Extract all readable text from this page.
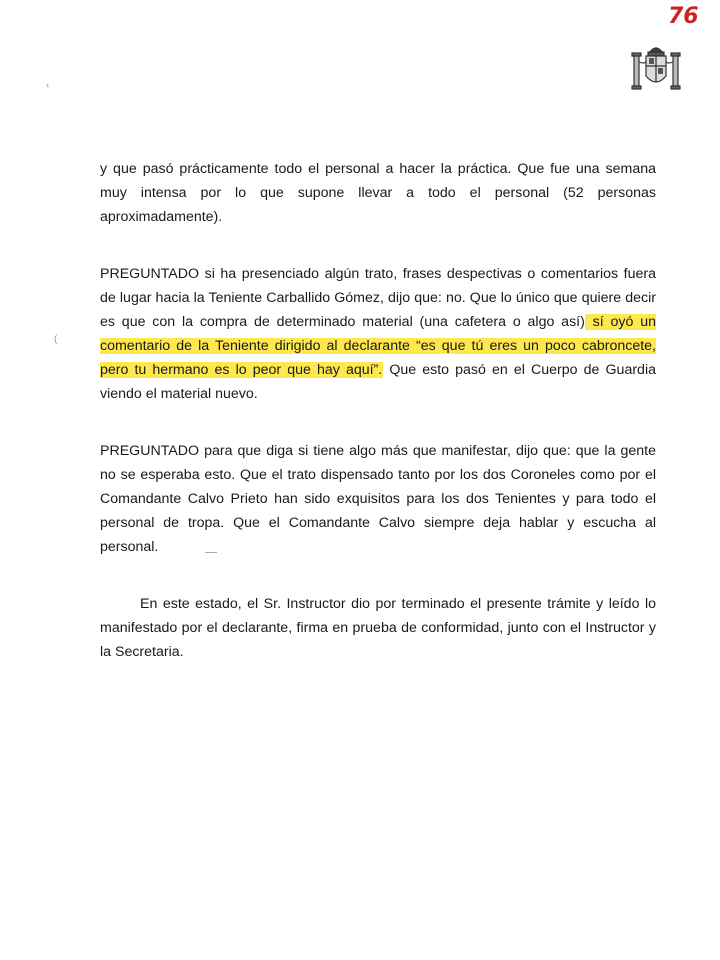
76
‹
(

y que pasó prácticamente todo el personal a hacer la práctica. Que fue una semana muy intensa por lo que supone llevar a todo el personal (52 personas aproximadamente).

PREGUNTADO si ha presenciado algún trato, frases despectivas o comentarios fuera de lugar hacia la Teniente Carballido Gómez, dijo que: no. Que lo único que quiere decir es que con la compra de determinado material (una cafetera o algo así) sí oyó un comentario de la Teniente dirigido al declarante “es que tú eres un poco cabroncete, pero tu hermano es lo peor que hay aquí”. Que esto pasó en el Cuerpo de Guardia viendo el material nuevo.

PREGUNTADO para que diga si tiene algo más que manifestar, dijo que: que la gente no se esperaba esto. Que el trato dispensado tanto por los dos Coroneles como por el Comandante Calvo Prieto han sido exquisitos para los dos Tenientes y para todo el personal de tropa. Que el Comandante Calvo siempre deja hablar y escucha al personal.

En este estado, el Sr. Instructor dio por terminado el presente trámite y leído lo manifestado por el declarante, firma en prueba de conformidad, junto con el Instructor y la Secretaria.
